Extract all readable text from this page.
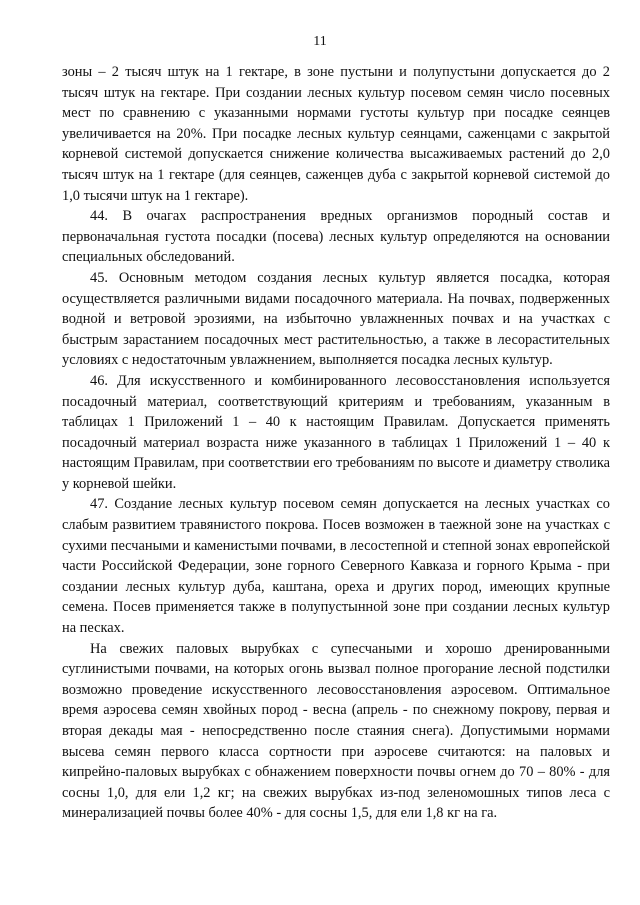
11

зоны – 2 тысяч штук на 1 гектаре, в зоне пустыни и полупустыни допускается до 2 тысяч штук на гектаре. При создании лесных культур посевом семян число посевных мест по сравнению с указанными нормами густоты культур при посадке сеянцев увеличивается на 20%. При посадке лесных культур сеянцами, саженцами с закрытой корневой системой допускается снижение количества высаживаемых растений до 2,0 тысяч штук на 1 гектаре (для сеянцев, саженцев дуба с закрытой корневой системой до 1,0 тысячи штук на 1 гектаре).

44. В очагах распространения вредных организмов породный состав и первоначальная густота посадки (посева) лесных культур определяются на основании специальных обследований.

45. Основным методом создания лесных культур является посадка, которая осуществляется различными видами посадочного материала. На почвах, подверженных водной и ветровой эрозиями, на избыточно увлажненных почвах и на участках с быстрым зарастанием посадочных мест растительностью, а также в лесорастительных условиях с недостаточным увлажнением, выполняется посадка лесных культур.

46. Для искусственного и комбинированного лесовосстановления используется посадочный материал, соответствующий критериям и требованиям, указанным в таблицах 1 Приложений 1 – 40 к настоящим Правилам. Допускается применять посадочный материал возраста ниже указанного в таблицах 1 Приложений 1 – 40 к настоящим Правилам, при соответствии его требованиям по высоте и диаметру стволика у корневой шейки.

47. Создание лесных культур посевом семян допускается на лесных участках со слабым развитием травянистого покрова. Посев возможен в таежной зоне на участках с сухими песчаными и каменистыми почвами, в лесостепной и степной зонах европейской части Российской Федерации, зоне горного Северного Кавказа и горного Крыма - при создании лесных культур дуба, каштана, ореха и других пород, имеющих крупные семена. Посев применяется также в полупустынной зоне при создании лесных культур на песках.

На свежих паловых вырубках с супесчаными и хорошо дренированными суглинистыми почвами, на которых огонь вызвал полное прогорание лесной подстилки возможно проведение искусственного лесовосстановления аэросевом. Оптимальное время аэросева семян хвойных пород - весна (апрель - по снежному покрову, первая и вторая декады мая - непосредственно после стаяния снега). Допустимыми нормами высева семян первого класса сортности при аэросеве считаются: на паловых и кипрейно-паловых вырубках с обнажением поверхности почвы огнем до 70 – 80% - для сосны 1,0, для ели 1,2 кг; на свежих вырубках из-под зеленомошных типов леса с минерализацией почвы более 40% - для сосны 1,5, для ели 1,8 кг на га.
